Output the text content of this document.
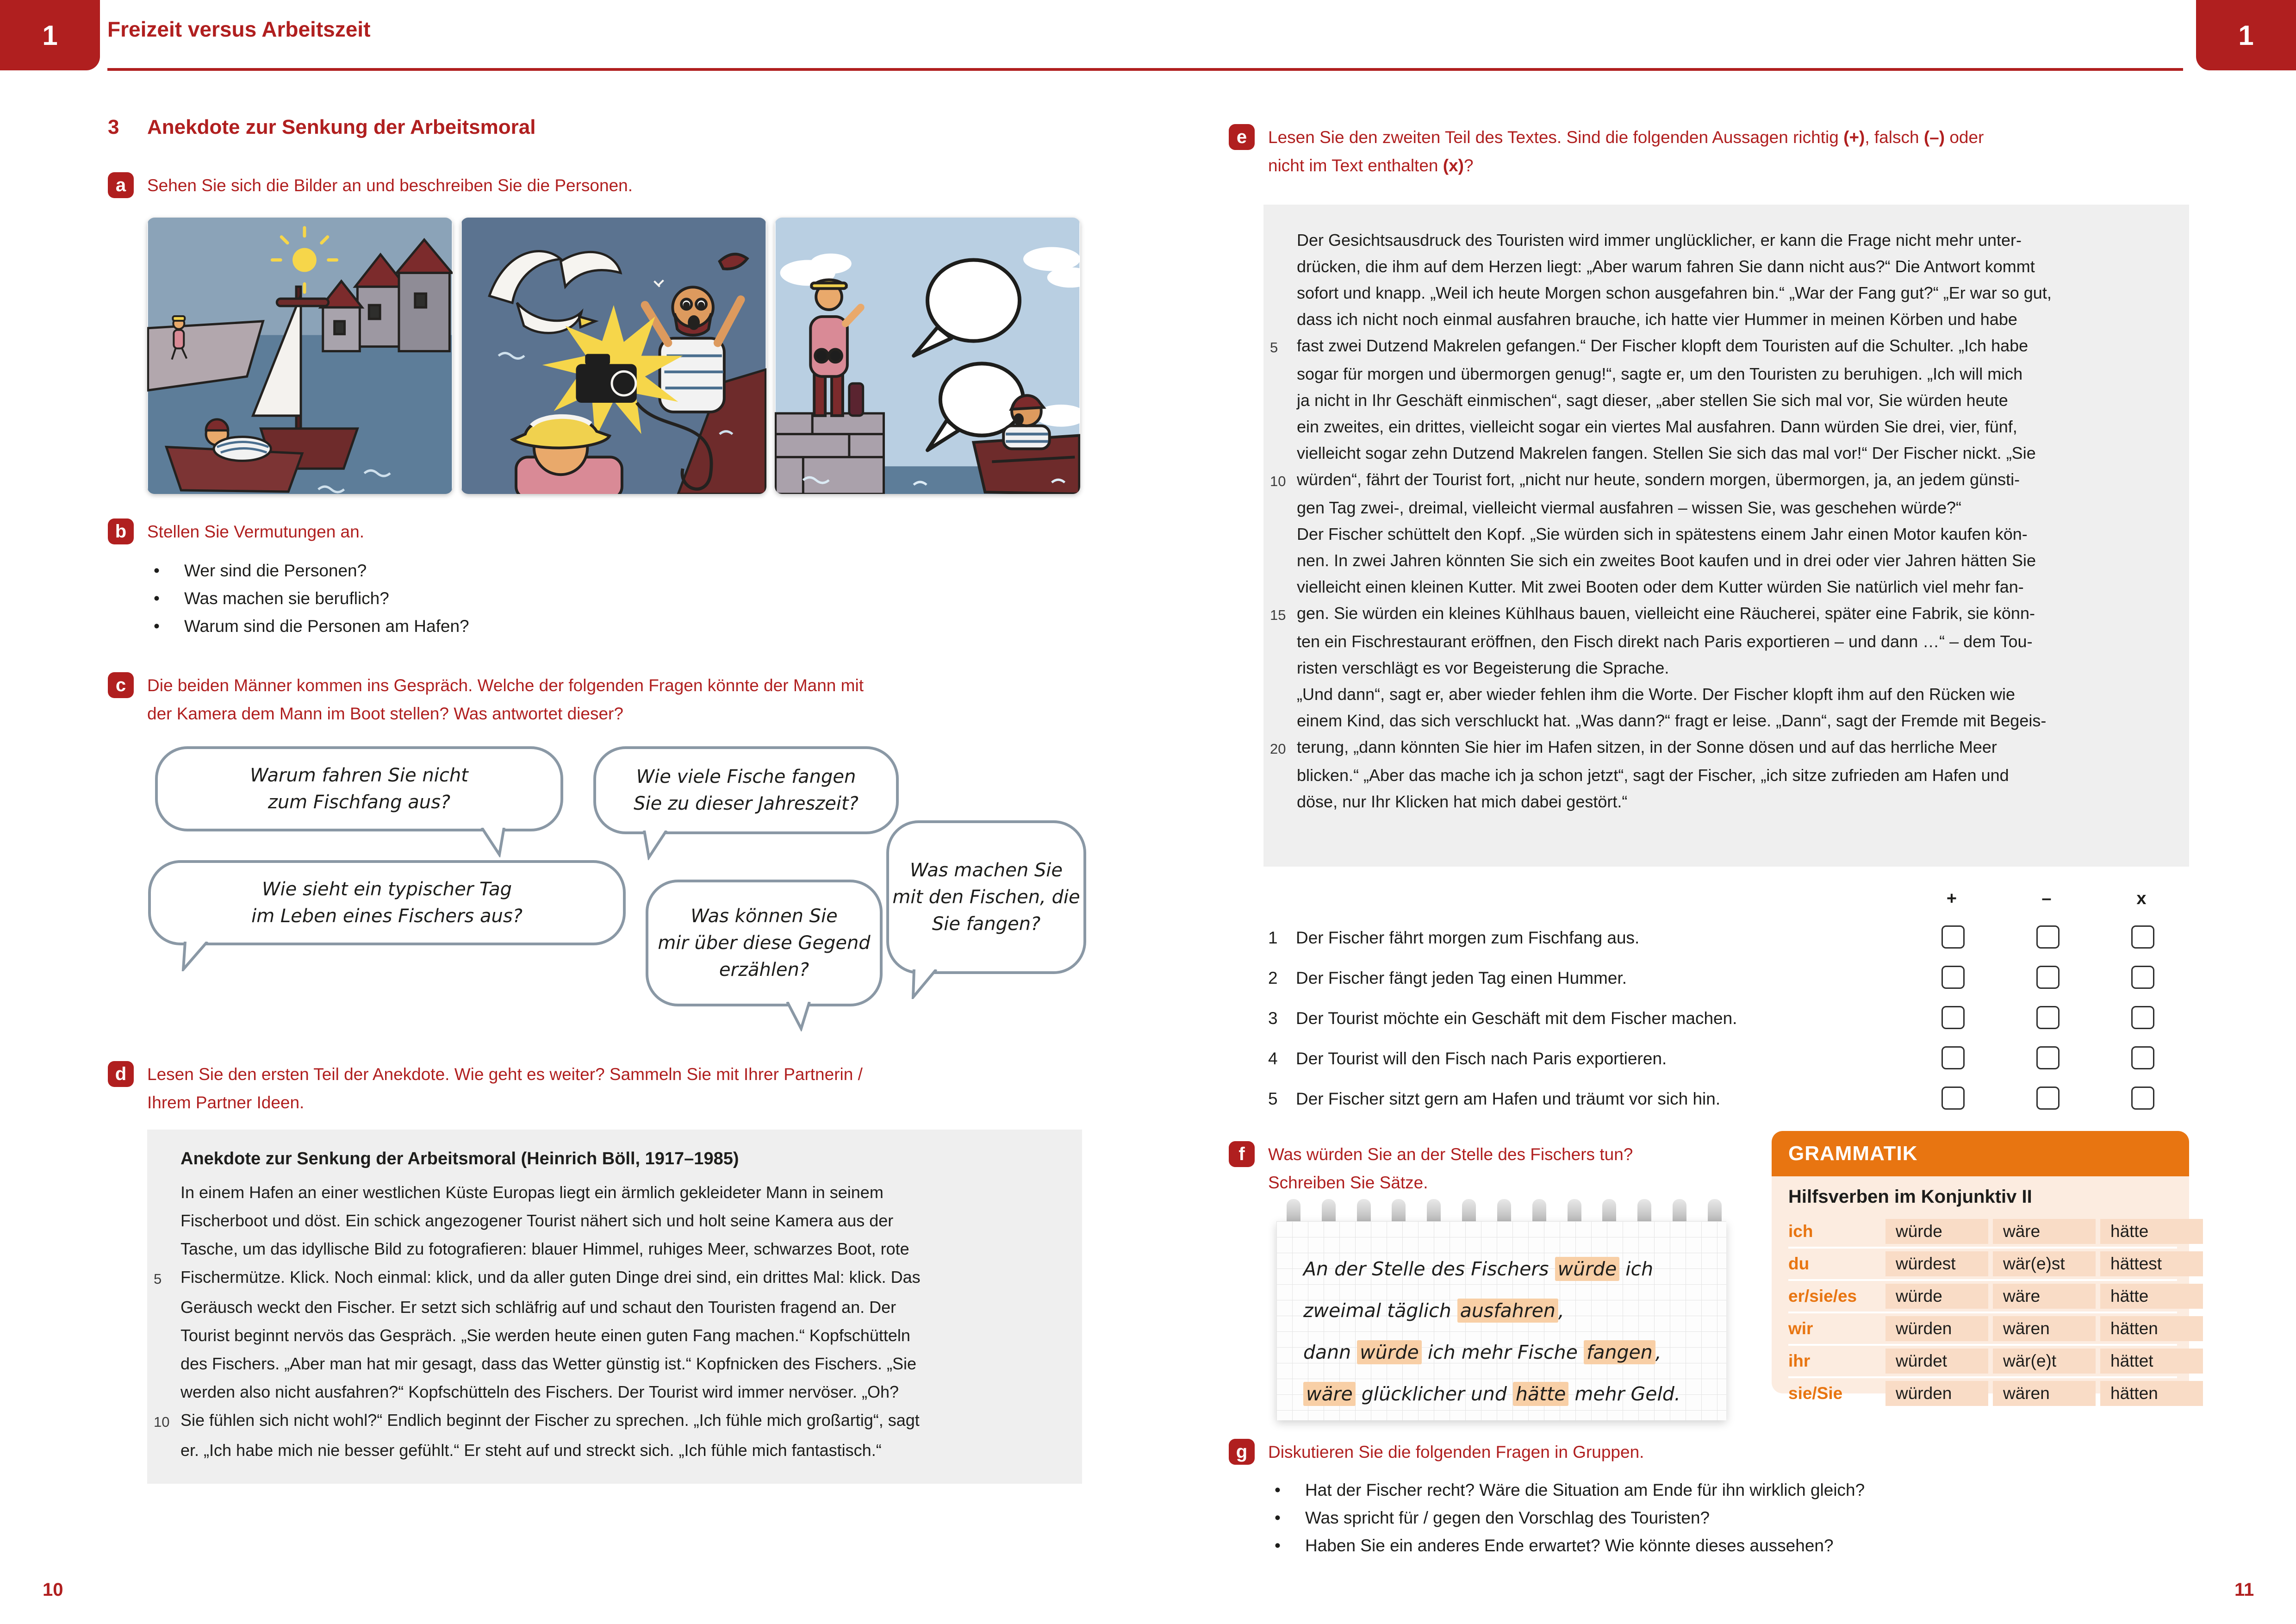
1	1
Freizeit versus Arbeitszeit
3 Anekdote zur Senkung der Arbeitsmoral
a Sehen Sie sich die Bilder an und beschreiben Sie die Personen.
b Stellen Sie Vermutungen an.
•	Wer sind die Personen?
•	Was machen sie beruflich?
•	Warum sind die Personen am Hafen?
c Die beiden Männer kommen ins Gespräch. Welche der folgenden Fragen könnte der Mann mit
der Kamera dem Mann im Boot stellen? Was antwortet dieser?
Warum fahren Sie nicht
zum Fischfang aus?
Wie viele Fische fangen
Sie zu dieser Jahreszeit?
Wie sieht ein typischer Tag
im Leben eines Fischers aus?	Was können Sie
mir über diese Gegend
erzählen?
Was machen Sie
mit den Fischen, die
Sie fangen?
d Lesen Sie den ersten Teil der Anekdote. Wie geht es weiter? Sammeln Sie mit Ihrer Partnerin /
Ihrem Partner Ideen.
Anekdote zur Senkung der Arbeitsmoral (Heinrich Böll, 1917–1985)
In einem Hafen an einer westlichen Küste Europas liegt ein ärmlich gekleideter Mann in seinem
Fischerboot und döst. Ein schick angezogener Tourist nähert sich und holt seine Kamera aus der
Tasche, um das idyllische Bild zu fotografieren: blauer Himmel, ruhiges Meer, schwarzes Boot, rote
5	Fischermütze. Klick. Noch einmal: klick, und da aller guten Dinge drei sind, ein drittes Mal: klick. Das
Geräusch weckt den Fischer. Er setzt sich schläfrig auf und schaut den Touristen fragend an. Der
Tourist beginnt nervös das Gespräch. „Sie werden heute einen guten Fang machen.“ Kopfschütteln
des Fischers. „Aber man hat mir gesagt, dass das Wetter günstig ist.“ Kopfnicken des Fischers. „Sie
werden also nicht ausfahren?“ Kopfschütteln des Fischers. Der Tourist wird immer nervöser. „Oh?
10 Sie fühlen sich nicht wohl?“ Endlich beginnt der Fischer zu sprechen. „Ich fühle mich großartig“, sagt
er. „Ich habe mich nie besser gefühlt.“ Er steht auf und streckt sich. „Ich fühle mich fantastisch.“
10
e Lesen Sie den zweiten Teil des Textes. Sind die folgenden Aussagen richtig (+), falsch (–) oder
nicht im Text enthalten (x)?
Der Gesichtsausdruck des Touristen wird immer unglücklicher, er kann die Frage nicht mehr unter-
drücken, die ihm auf dem Herzen liegt: „Aber warum fahren Sie dann nicht aus?“ Die Antwort kommt
sofort und knapp. „Weil ich heute Morgen schon ausgefahren bin.“ „War der Fang gut?“ „Er war so gut,
dass ich nicht noch einmal ausfahren brauche, ich hatte vier Hummer in meinen Körben und habe
5	fast zwei Dutzend Makrelen gefangen.“ Der Fischer klopft dem Touristen auf die Schulter. „Ich habe
sogar für morgen und übermorgen genug!“, sagte er, um den Touristen zu beruhigen. „Ich will mich
ja nicht in Ihr Geschäft einmischen“, sagt dieser, „aber stellen Sie sich mal vor, Sie würden heute
ein zweites, ein drittes, vielleicht sogar ein viertes Mal ausfahren. Dann würden Sie drei, vier, fünf,
vielleicht sogar zehn Dutzend Makrelen fangen. Stellen Sie sich das mal vor!“ Der Fischer nickt. „Sie
10 würden“, fährt der Tourist fort, „nicht nur heute, sondern morgen, übermorgen, ja, an jedem günsti-
gen Tag zwei-, dreimal, vielleicht viermal ausfahren – wissen Sie, was geschehen würde?“
Der Fischer schüttelt den Kopf. „Sie würden sich in spätestens einem Jahr einen Motor kaufen kön-
nen. In zwei Jahren könnten Sie sich ein zweites Boot kaufen und in drei oder vier Jahren hätten Sie
vielleicht einen kleinen Kutter. Mit zwei Booten oder dem Kutter würden Sie natürlich viel mehr fan-
15 gen. Sie würden ein kleines Kühlhaus bauen, vielleicht eine Räucherei, später eine Fabrik, sie könn-
ten ein Fischrestaurant eröffnen, den Fisch direkt nach Paris exportieren – und dann …“ – dem Tou-
risten verschlägt es vor Begeisterung die Sprache.
„Und dann“, sagt er, aber wieder fehlen ihm die Worte. Der Fischer klopft ihm auf den Rücken wie
einem Kind, das sich verschluckt hat. „Was dann?“ fragt er leise. „Dann“, sagt der Fremde mit Begeis-
20 terung, „dann könnten Sie hier im Hafen sitzen, in der Sonne dösen und auf das herrliche Meer
blicken.“ „Aber das mache ich ja schon jetzt“, sagt der Fischer, „ich sitze zufrieden am Hafen und
döse, nur Ihr Klicken hat mich dabei gestört.“
+	–	x
1	Der Fischer fährt morgen zum Fischfang aus.
2	Der Fischer fängt jeden Tag einen Hummer.
3	Der Tourist möchte ein Geschäft mit dem Fischer machen.
4	Der Tourist will den Fisch nach Paris exportieren.
5	Der Fischer sitzt gern am Hafen und träumt vor sich hin.
f Was würden Sie an der Stelle des Fischers tun?
Schreiben Sie Sätze.
An der Stelle des Fischers würde ich
zweimal täglich ausfahren ,
dann würde ich mehr Fische fangen ,
wäre glücklicher und hätte mehr Geld.
GRAMMATIK
Hilfsverben im Konjunktiv II
ich	würde	wäre	hätte
du	würdest	wär(e)st	hättest
er/sie/es	würde	wäre	hätte
wir	würden	wären	hätten
ihr	würdet	wär(e)t	hättet
sie/Sie	würden	wären	hätten
g Diskutieren Sie die folgenden Fragen in Gruppen.
•	Hat der Fischer recht? Wäre die Situation am Ende für ihn wirklich gleich?
•	Was spricht für / gegen den Vorschlag des Touristen?
•	Haben Sie ein anderes Ende erwartet? Wie könnte dieses aussehen?
11
